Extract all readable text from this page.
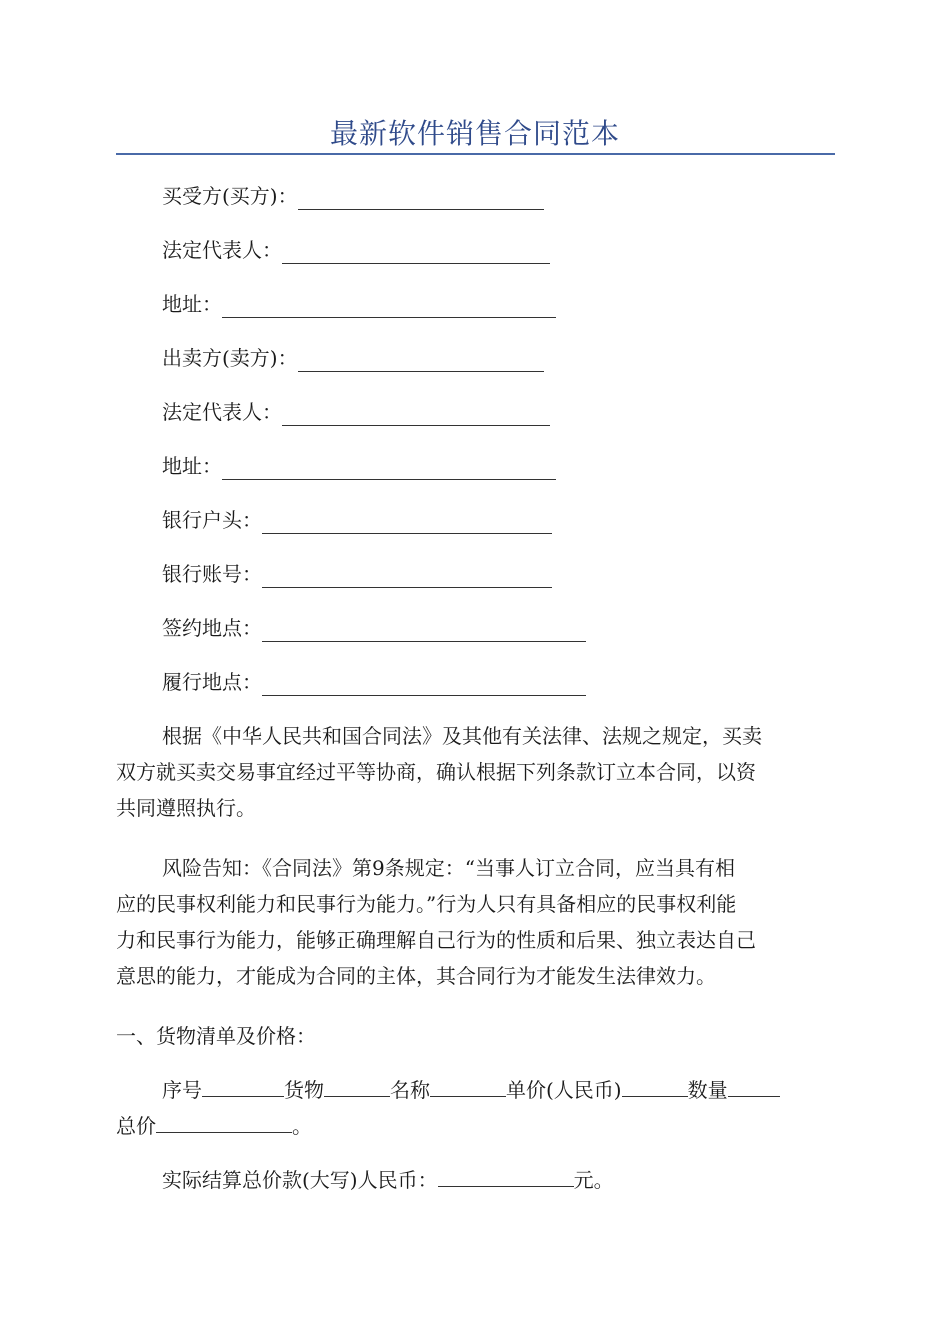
最新软件销售合同范本
买受方(买方)：
法定代表人：
地址：
出卖方(卖方)：
法定代表人：
地址：
银行户头：
银行账号：
签约地点：
履行地点：
根据《中华人民共和国合同法》及其他有关法律、法规之规定，买卖
双方就买卖交易事宜经过平等协商，确认根据下列条款订立本合同，以资
共同遵照执行。
风险告知：《合同法》第9条规定：“当事人订立合同，应当具有相
应的民事权利能力和民事行为能力。”行为人只有具备相应的民事权利能
力和民事行为能力，能够正确理解自己行为的性质和后果、独立表达自己
意思的能力，才能成为合同的主体，其合同行为才能发生法律效力。
一、货物清单及价格：
序号	货物	名称	单价(人民币)	数量
总价	。
实际结算总价款(大写)人民币：	元。
